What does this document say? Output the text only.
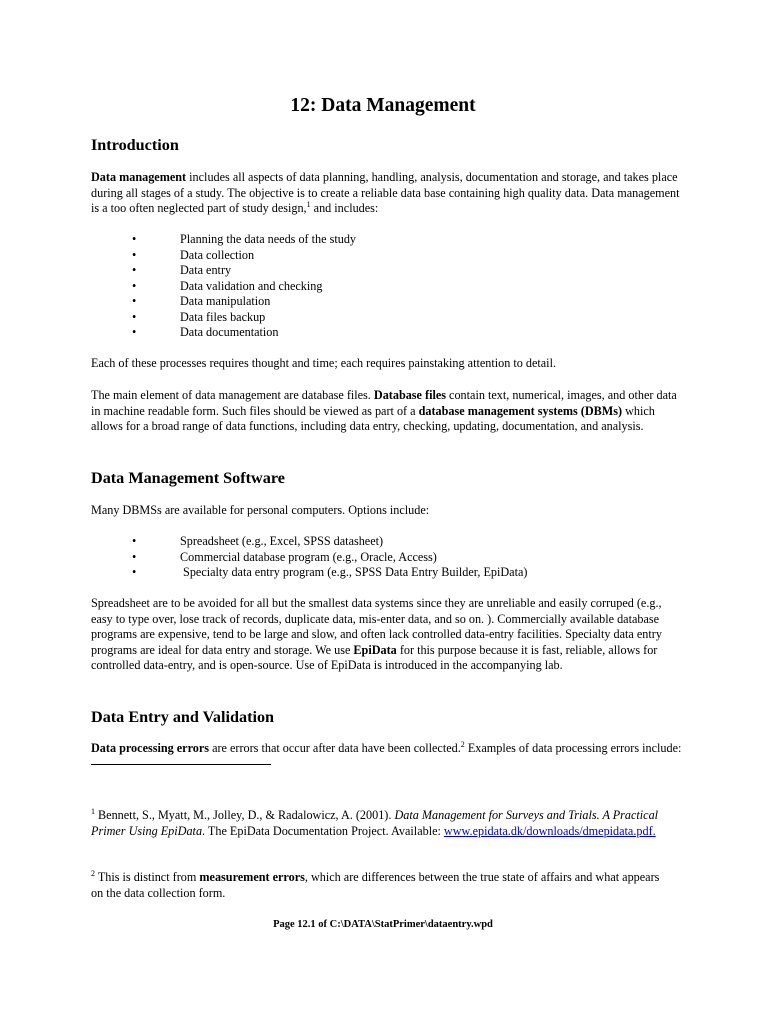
12: Data Management
Introduction

Data management includes all aspects of data planning, handling, analysis, documentation and storage, and takes place during all stages of a study. The objective is to create a reliable data base containing high quality data. Data management is a too often neglected part of study design,$^1$ and includes:

•	Planning the data needs of the study
•	Data collection
•	Data entry
•	Data validation and checking
•	Data manipulation
•	Data files backup
•	Data documentation

Each of these processes requires thought and time; each requires painstaking attention to detail.

The main element of data management are database files. Database files contain text, numerical, images, and other data in machine readable form. Such files should be viewed as part of a database management systems (DBMs) which allows for a broad range of data functions, including data entry, checking, updating, documentation, and analysis.

Data Management Software

Many DBMSs are available for personal computers. Options include:

•	Spreadsheet (e.g., Excel, SPSS datasheet)
•	Commercial database program (e.g., Oracle, Access)
•	Specialty data entry program (e.g., SPSS Data Entry Builder, EpiData)

Spreadsheet are to be avoided for all but the smallest data systems since they are unreliable and easily corruped (e.g., easy to type over, lose track of records, duplicate data, mis-enter data, and so on. ). Commercially available database programs are expensive, tend to be large and slow, and often lack controlled data-entry facilities. Specialty data entry programs are ideal for data entry and storage. We use EpiData for this purpose because it is fast, reliable, allows for controlled data-entry, and is open-source. Use of EpiData is introduced in the accompanying lab.

Data Entry and Validation

Data processing errors are errors that occur after data have been collected.$^2$ Examples of data processing errors include:

$^1$ Bennett, S., Myatt, M., Jolley, D., & Radalowicz, A. (2001). Data Management for Surveys and Trials. A Practical Primer Using EpiData. The EpiData Documentation Project. Available: www.epidata.dk/downloads/dmepidata.pdf.

$^2$ This is distinct from measurement errors, which are differences between the true state of affairs and what appears on the data collection form.

Page 12.1 of C:\DATA\StatPrimer\dataentry.wpd
